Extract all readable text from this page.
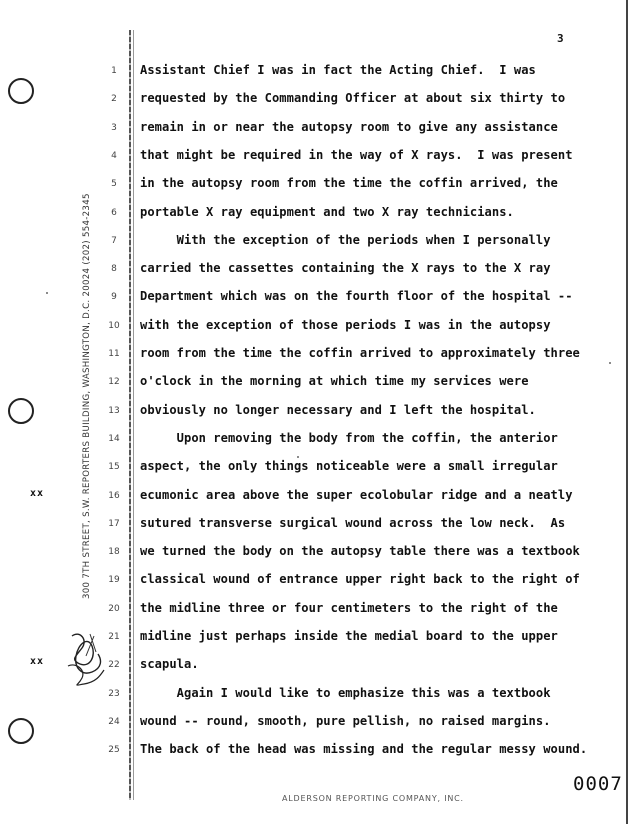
300 7TH STREET, S.W. REPORTERS BUILDING, WASHINGTON, D.C. 20024 (202) 554-2345
3
1	Assistant Chief I was in fact the Acting Chief.  I was
2	requested by the Commanding Officer at about six thirty to
3	remain in or near the autopsy room to give any assistance
4	that might be required in the way of X rays.  I was present
5	in the autopsy room from the time the coffin arrived, the
6	portable X ray equipment and two X ray technicians.
7	With the exception of the periods when I personally
8	carried the cassettes containing the X rays to the X ray
9	Department which was on the fourth floor of the hospital --
10	with the exception of those periods I was in the autopsy
11	room from the time the coffin arrived to approximately three
12	o'clock in the morning at which time my services were
13	obviously no longer necessary and I left the hospital.
14	Upon removing the body from the coffin, the anterior
15	aspect, the only things noticeable were a small irregular
16	ecumonic area above the super ecolobular ridge and a neatly
17	sutured transverse surgical wound across the low neck.  As
18	we turned the body on the autopsy table there was a textbook
19	classical wound of entrance upper right back to the right of
20	the midline three or four centimeters to the right of the
21	midline just perhaps inside the medial board to the upper
22	scapula.
23	Again I would like to emphasize this was a textbook
24	wound -- round, smooth, pure pellish, no raised margins.
25	The back of the head was missing and the regular messy wound.
xx
xx
ALDERSON REPORTING COMPANY, INC.
0007
